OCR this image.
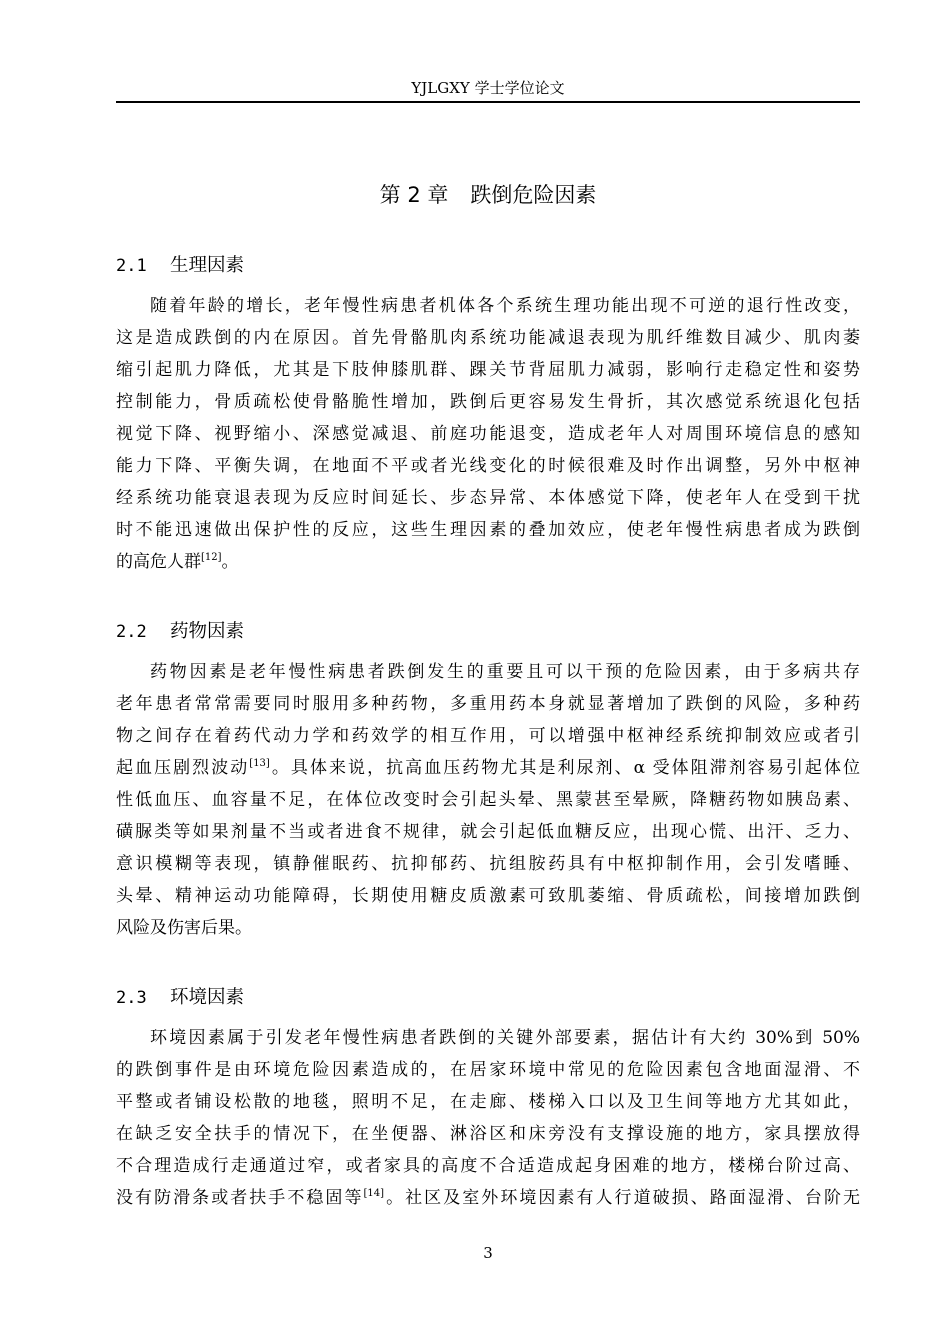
YJLGXY 学士学位论文
第 2 章 跌倒危险因素
2.1 生理因素
随着年龄的增长，老年慢性病患者机体各个系统生理功能出现不可逆的退行性改变，
这是造成跌倒的内在原因。首先骨骼肌肉系统功能减退表现为肌纤维数目减少、肌肉萎
缩引起肌力降低，尤其是下肢伸膝肌群、踝关节背屈肌力减弱，影响行走稳定性和姿势
控制能力，骨质疏松使骨骼脆性增加，跌倒后更容易发生骨折，其次感觉系统退化包括
视觉下降、视野缩小、深感觉减退、前庭功能退变，造成老年人对周围环境信息的感知
能力下降、平衡失调，在地面不平或者光线变化的时候很难及时作出调整，另外中枢神
经系统功能衰退表现为反应时间延长、步态异常、本体感觉下降，使老年人在受到干扰
时不能迅速做出保护性的反应，这些生理因素的叠加效应，使老年慢性病患者成为跌倒
的高危人群[12]。
2.2 药物因素
药物因素是老年慢性病患者跌倒发生的重要且可以干预的危险因素，由于多病共存
老年患者常常需要同时服用多种药物，多重用药本身就显著增加了跌倒的风险，多种药
物之间存在着药代动力学和药效学的相互作用，可以增强中枢神经系统抑制效应或者引
起血压剧烈波动[13]。具体来说，抗高血压药物尤其是利尿剂、α 受体阻滞剂容易引起体位
性低血压、血容量不足，在体位改变时会引起头晕、黑蒙甚至晕厥，降糖药物如胰岛素、
磺脲类等如果剂量不当或者进食不规律，就会引起低血糖反应，出现心慌、出汗、乏力、
意识模糊等表现，镇静催眠药、抗抑郁药、抗组胺药具有中枢抑制作用，会引发嗜睡、
头晕、精神运动功能障碍，长期使用糖皮质激素可致肌萎缩、骨质疏松，间接增加跌倒
风险及伤害后果。
2.3 环境因素
环境因素属于引发老年慢性病患者跌倒的关键外部要素，据估计有大约 30%到 50%
的跌倒事件是由环境危险因素造成的，在居家环境中常见的危险因素包含地面湿滑、不
平整或者铺设松散的地毯，照明不足，在走廊、楼梯入口以及卫生间等地方尤其如此，
在缺乏安全扶手的情况下，在坐便器、淋浴区和床旁没有支撑设施的地方，家具摆放得
不合理造成行走通道过窄，或者家具的高度不合适造成起身困难的地方，楼梯台阶过高、
没有防滑条或者扶手不稳固等[14]。社区及室外环境因素有人行道破损、路面湿滑、台阶无
3
